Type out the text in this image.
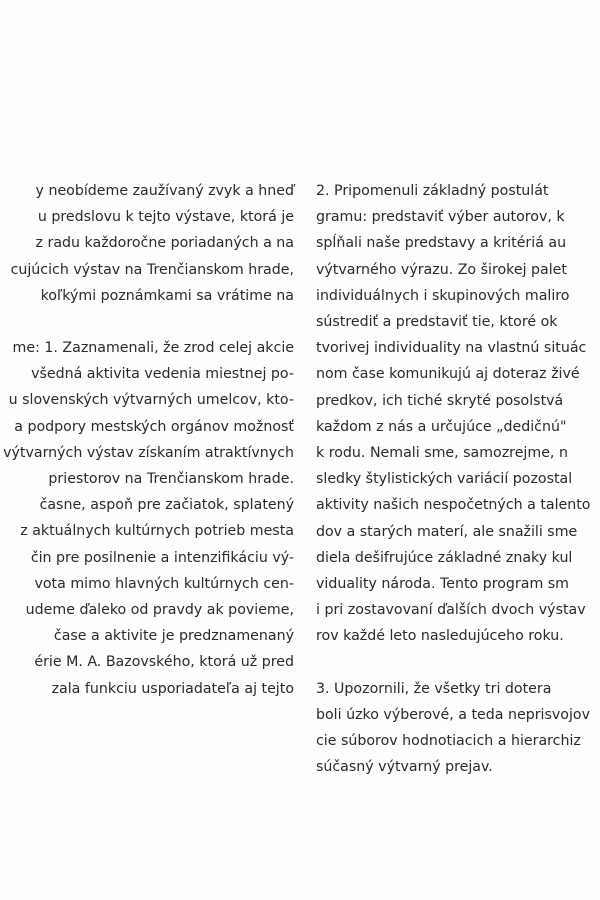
y neobídeme zaužívaný zvyk a hneď
u predslovu k tejto výstave, ktorá je
z radu každoročne poriadaných a na
cujúcich výstav na Trenčianskom hrade,
koľkými poznámkami sa vrátime na
me: 1. Zaznamenali, že zrod celej akcie
všedná aktivita vedenia miestnej po-
u slovenských výtvarných umelcov, kto-
a podpory mestských orgánov možnosť
výtvarných výstav získaním atraktívnych
priestorov na Trenčianskom hrade.
časne, aspoň pre začiatok, splatený
z aktuálnych kultúrnych potrieb mesta
čin pre posilnenie a intenzifikáciu vý-
vota mimo hlavných kultúrnych cen-
udeme ďaleko od pravdy ak povieme,
čase a aktivite je predznamenaný
érie M. A. Bazovského, ktorá už pred
zala funkciu usporiadateľa aj tejto
2. Pripomenuli základný postulát
gramu: predstaviť výber autorov, k
spĺňali naše predstavy a kritériá au
výtvarného výrazu. Zo širokej palet
individuálnych i skupinových maliro
sústrediť a predstaviť tie, ktoré ok
tvorivej individuality na vlastnú situác
nom čase komunikujú aj doteraz živé
predkov, ich tiché skryté posolstvá
každom z nás a určujúce „dedičnú"
k rodu. Nemali sme, samozrejme, n
sledky štylistických variácií pozostal
aktivity našich nespočetných a talento
dov a starých materí, ale snažili sme
diela dešifrujúce základné znaky kul
viduality národa. Tento program sm
i pri zostavovaní ďalších dvoch výstav
rov každé leto nasledujúceho roku.
3. Upozornili, že všetky tri dotera
boli úzko výberové, a teda neprisvojov
cie súborov hodnotiacich a hierarchiz
súčasný výtvarný prejav.
